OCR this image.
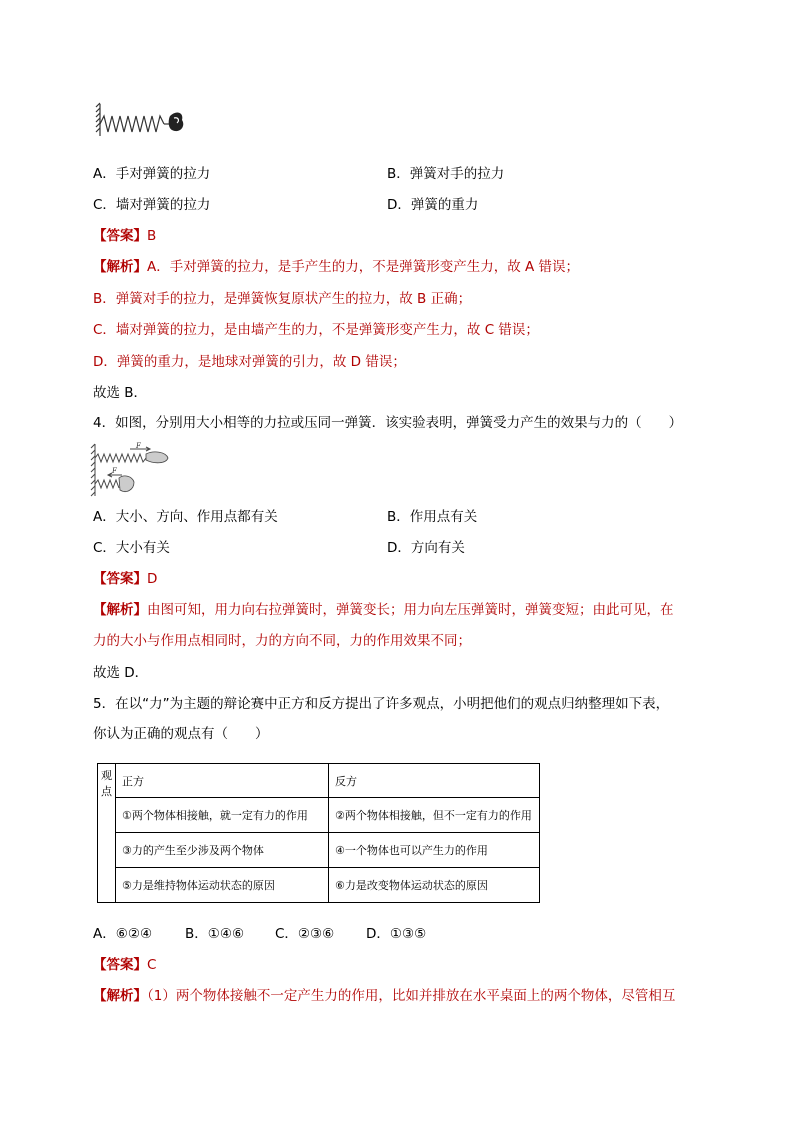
A．手对弹簧的拉力	B．弹簧对手的拉力
C．墙对弹簧的拉力	D．弹簧的重力
【答案】B
【解析】A．手对弹簧的拉力，是手产生的力，不是弹簧形变产生力，故 A 错误；
B．弹簧对手的拉力，是弹簧恢复原状产生的拉力，故 B 正确；
C．墙对弹簧的拉力，是由墙产生的力，不是弹簧形变产生力，故 C 错误；
D．弹簧的重力，是地球对弹簧的引力，故 D 错误；
故选 B．
4．如图，分别用大小相等的力拉或压同一弹簧．该实验表明，弹簧受力产生的效果与力的（　　）
F
F
A．大小、方向、作用点都有关	B．作用点有关
C．大小有关	D．方向有关
【答案】D
【解析】由图可知，用力向右拉弹簧时，弹簧变长；用力向左压弹簧时，弹簧变短；由此可见，在
力的大小与作用点相同时，力的方向不同，力的作用效果不同；
故选 D．
5．在以“力”为主题的辩论赛中正方和反方提出了许多观点，小明把他们的观点归纳整理如下表，
你认为正确的观点有（　　）
观点	正方	反方
	①两个物体相接触，就一定有力的作用	②两个物体相接触，但不一定有力的作用
	③力的产生至少涉及两个物体	④一个物体也可以产生力的作用
	⑤力是维持物体运动状态的原因	⑥力是改变物体运动状态的原因
A．⑥②④ B．①④⑥ C．②③⑥ D．①③⑤
【答案】C
【解析】（1）两个物体接触不一定产生力的作用，比如并排放在水平桌面上的两个物体，尽管相互
